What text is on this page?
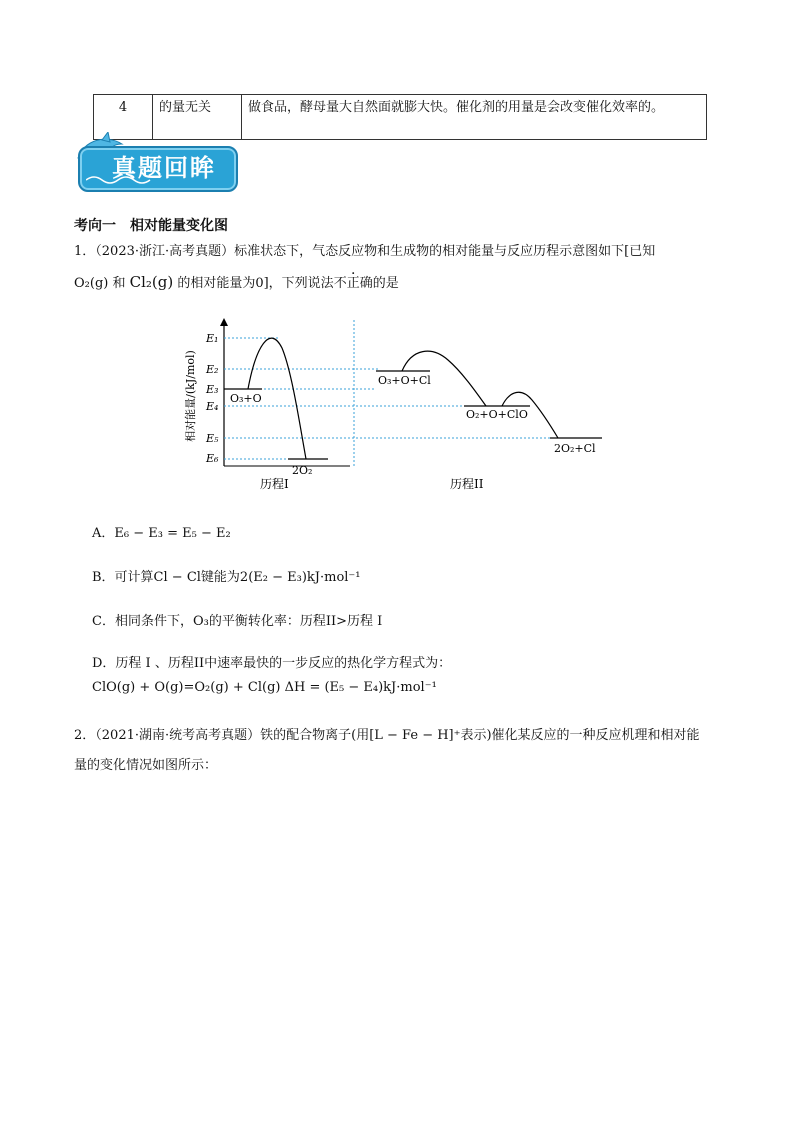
4	的量无关	做食品，酵母量大自然面就膨大快。催化剂的用量是会改变催化效率的。
真题回眸
考向一　相对能量变化图
1．（2023·浙江·高考真题）标准状态下，气态反应物和生成物的相对能量与反应历程示意图如下[已知
O₂(g) 和 Cl₂(g) 的相对能量为0]，下列说法不正确的是
相对能量/(kJ/mol)
E₁
E₂
E₃
E₄
E₅
E₆
O₃+O
2O₂
O₃+O+Cl
O₂+O+ClO
2O₂+Cl
历程I	历程II
A．E₆ − E₃ = E₅ − E₂
B．可计算Cl − Cl键能为2(E₂ − E₃)kJ·mol⁻¹
C．相同条件下，O₃的平衡转化率：历程II>历程 I
D．历程 I 、历程II中速率最快的一步反应的热化学方程式为：
ClO(g) + O(g)=O₂(g) + Cl(g) ΔH = (E₅ − E₄)kJ·mol⁻¹
2．（2021·湖南·统考高考真题）铁的配合物离子(用[L − Fe − H]⁺表示)催化某反应的一种反应机理和相对能
量的变化情况如图所示：
